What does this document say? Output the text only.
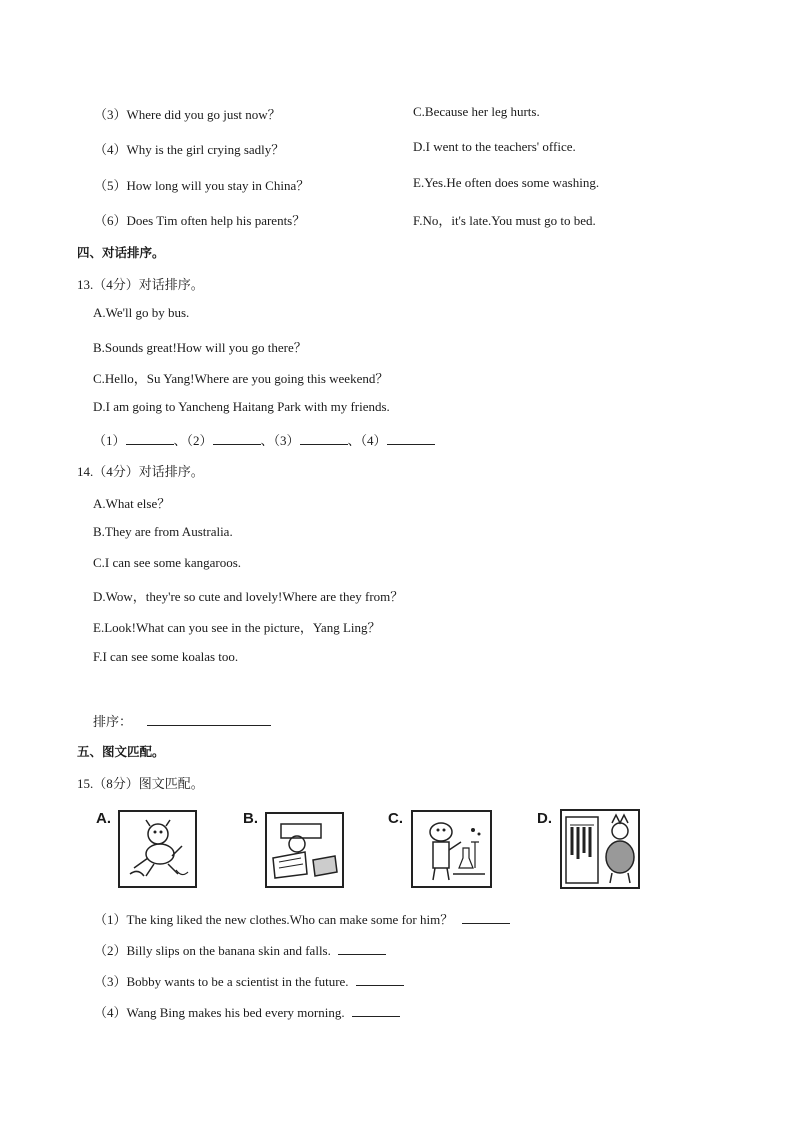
（3）Where did you go just now？	C.Because her leg hurts.
（4）Why is the girl crying sadly？	D.I went to the teachers' office.
（5）How long will you stay in China？	E.Yes.He often does some washing.
（6）Does Tim often help his parents？	F.No，it's late.You must go to bed.
四、对话排序。
13.（4分）对话排序。
A.We'll go by bus.
B.Sounds great!How will you go there？
C.Hello，Su Yang!Where are you going this weekend？
D.I am going to Yancheng Haitang Park with my friends.
（1）	、（2）	、（3）	、（4）
14.（4分）对话排序。
A.What else？
B.They are from Australia.
C.I can see some kangaroos.
D.Wow，they're so cute and lovely!Where are they from？
E.Look!What can you see in the picture，Yang Ling？
F.I can see some koalas too.
排序：
五、图文匹配。
15.（8分）图文匹配。
A.	B.	C.	D.
（1）The king liked the new clothes.Who can make some for him？
（2）Billy slips on the banana skin and falls.
（3）Bobby wants to be a scientist in the future.
（4）Wang Bing makes his bed every morning.
